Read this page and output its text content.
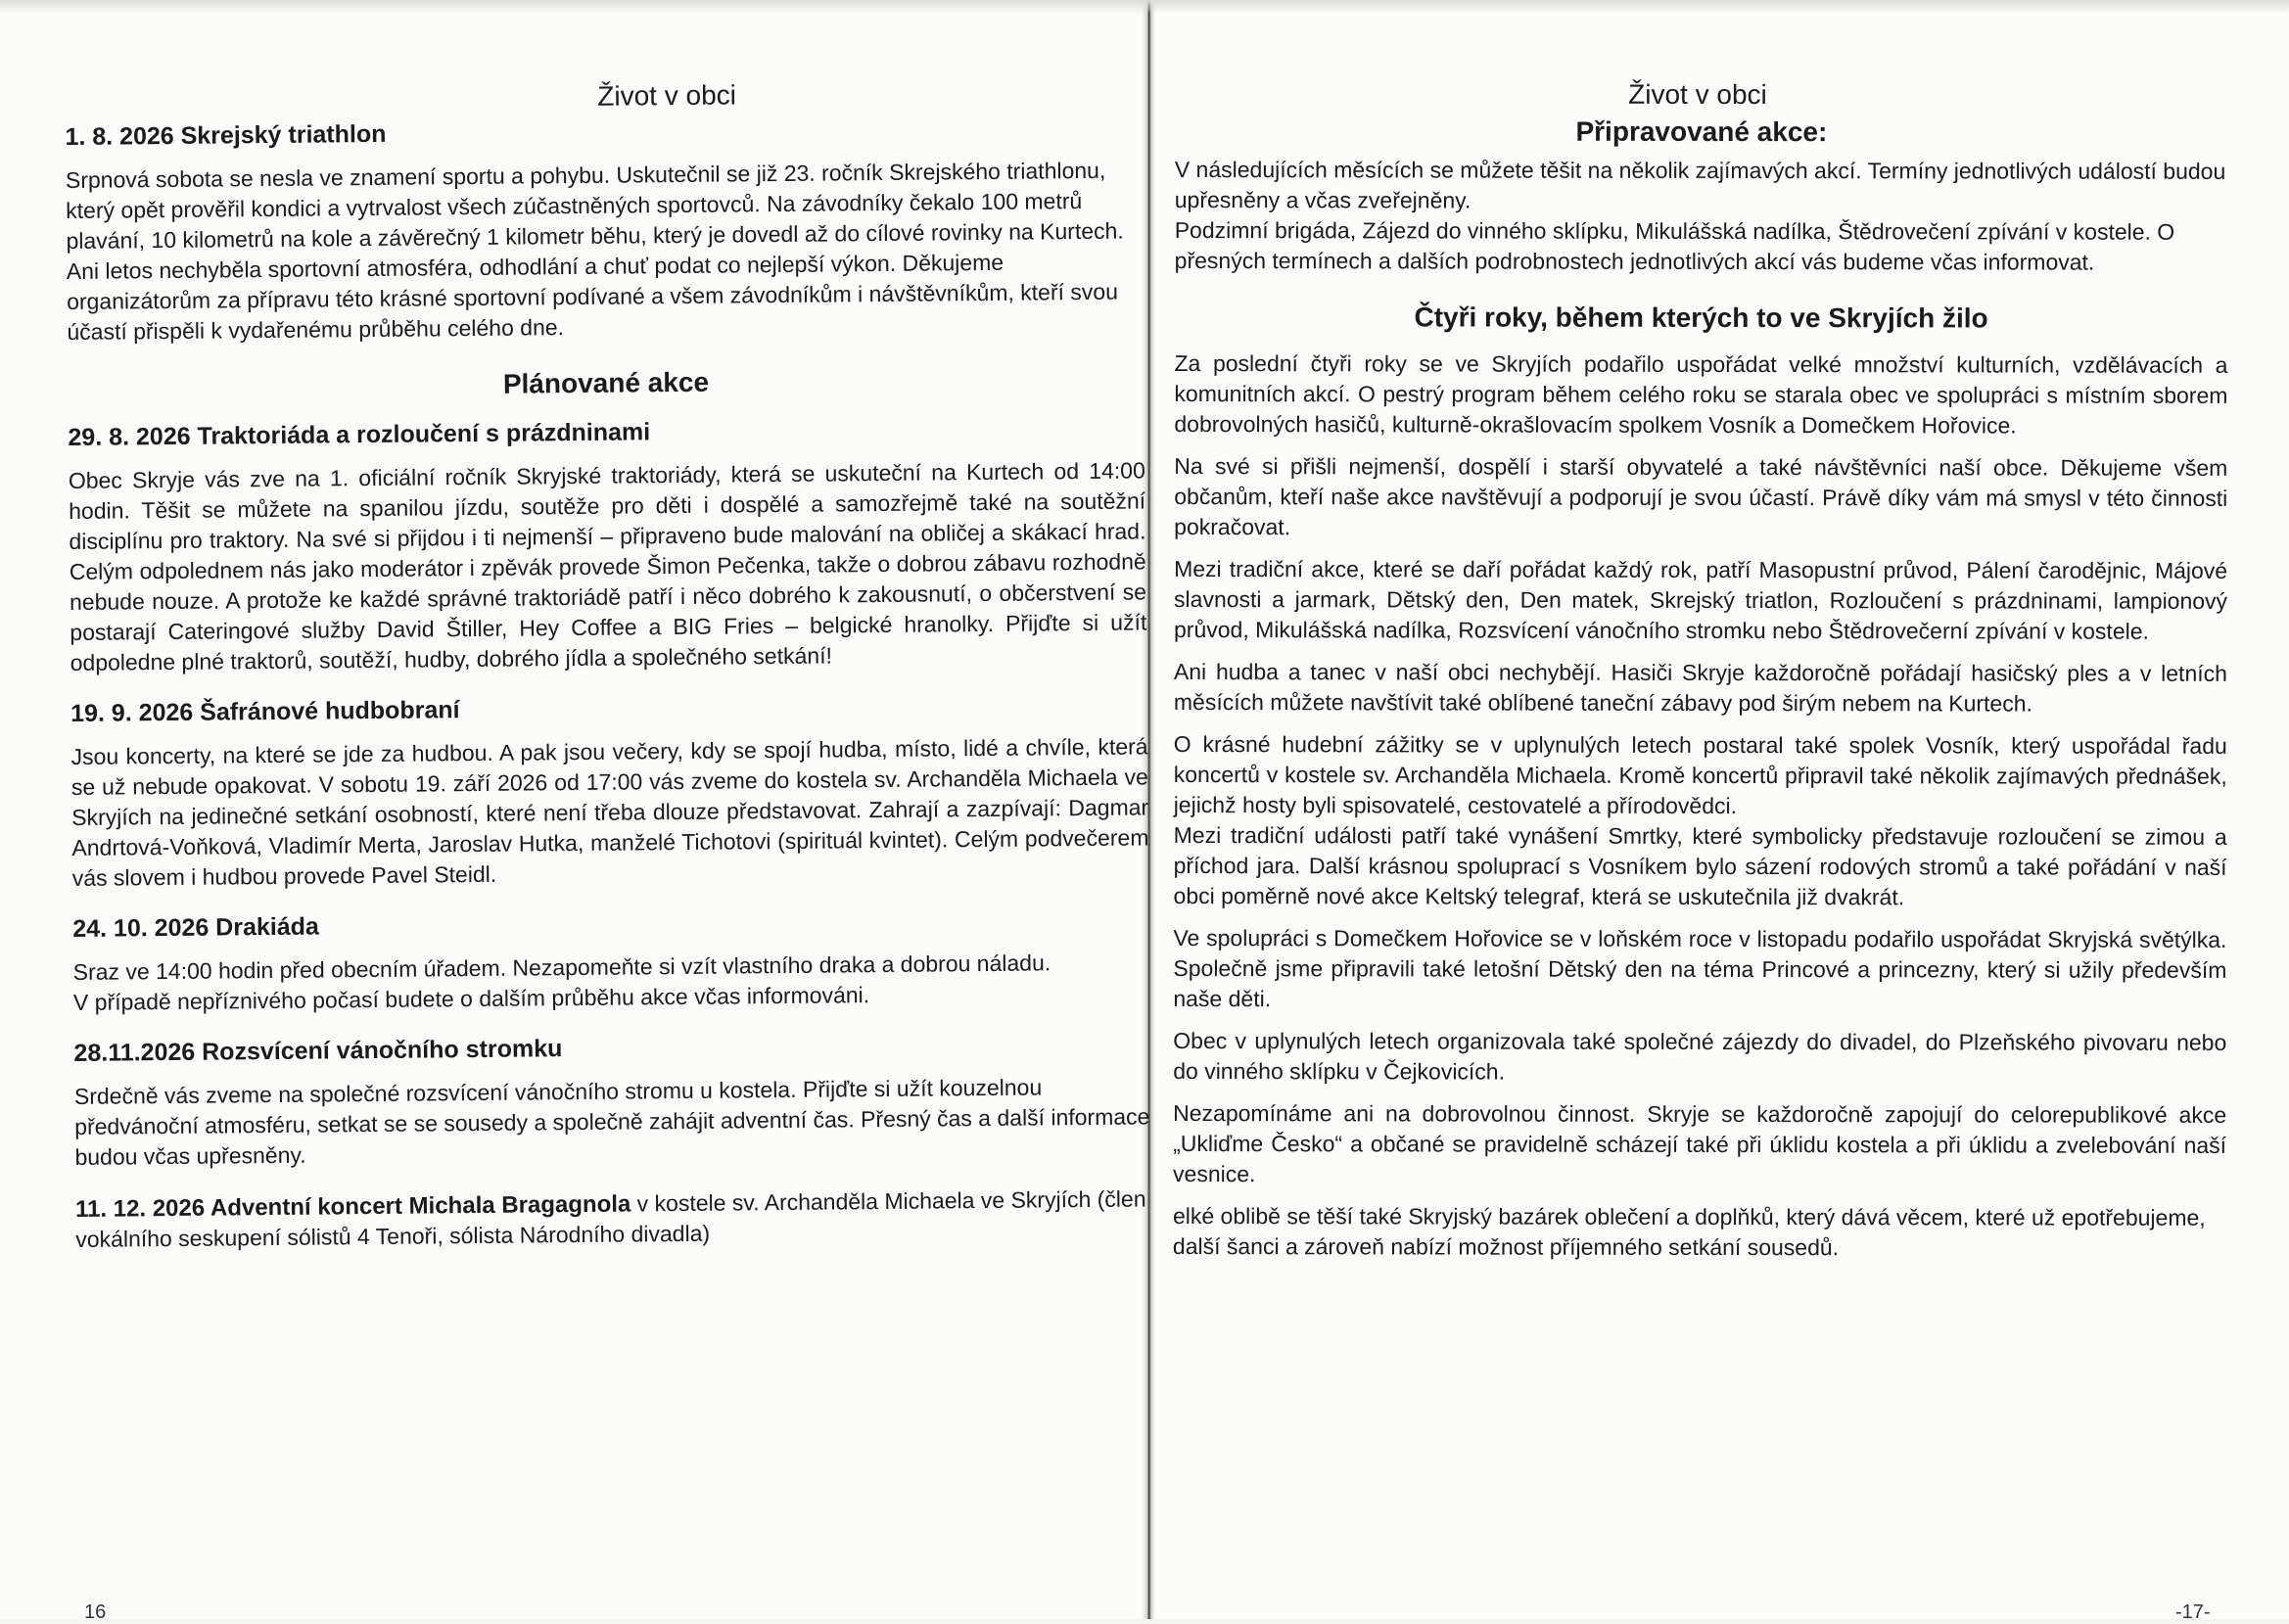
Život v obci
1. 8. 2026 Skrejský triathlon

Srpnová sobota se nesla ve znamení sportu a pohybu. Uskutečnil se již 23. ročník Skrejského triathlonu, který opět prověřil kondici a vytrvalost všech zúčastněných sportovců. Na závodníky čekalo 100 metrů plavání, 10 kilometrů na kole a závěrečný 1 kilometr běhu, který je dovedl až do cílové rovinky na Kurtech. Ani letos nechyběla sportovní atmosféra, odhodlání a chuť podat co nejlepší výkon. Děkujeme organizátorům za přípravu této krásné sportovní podívané a všem závodníkům i návštěvníkům, kteří svou účastí přispěli k vydařenému průběhu celého dne.

Plánované akce
29. 8. 2026 Traktoriáda a rozloučení s prázdninami

Obec Skryje vás zve na 1. oficiální ročník Skryjské traktoriády, která se uskuteční na Kurtech od 14:00 hodin. Těšit se můžete na spanilou jízdu, soutěže pro děti i dospělé a samozřejmě také na soutěžní disciplínu pro traktory. Na své si přijdou i ti nejmenší – připraveno bude malování na obličej a skákací hrad. Celým odpolednem nás jako moderátor i zpěvák provede Šimon Pečenka, takže o dobrou zábavu rozhodně nebude nouze. A protože ke každé správné traktoriádě patří i něco dobrého k zakousnutí, o občerstvení se postarají Cateringové služby David Štiller, Hey Coffee a BIG Fries – belgické hranolky. Přijďte si užít odpoledne plné traktorů, soutěží, hudby, dobrého jídla a společného setkání!

19. 9. 2026 Šafránové hudbobraní

Jsou koncerty, na které se jde za hudbou. A pak jsou večery, kdy se spojí hudba, místo, lidé a chvíle, která se už nebude opakovat. V sobotu 19. září 2026 od 17:00 vás zveme do kostela sv. Archanděla Michaela ve Skryjích na jedinečné setkání osobností, které není třeba dlouze představovat. Zahrají a zazpívají: Dagmar Andrtová-Voňková, Vladimír Merta, Jaroslav Hutka, manželé Tichotovi (spirituál kvintet). Celým podvečerem vás slovem i hudbou provede Pavel Steidl.

24. 10. 2026 Drakiáda

Sraz ve 14:00 hodin před obecním úřadem. Nezapomeňte si vzít vlastního draka a dobrou náladu.

V případě nepříznivého počasí budete o dalším průběhu akce včas informováni.

28.11.2026 Rozsvícení vánočního stromku

Srdečně vás zveme na společné rozsvícení vánočního stromu u kostela. Přijďte si užít kouzelnou předvánoční atmosféru, setkat se se sousedy a společně zahájit adventní čas. Přesný čas a další informace budou včas upřesněny.

11. 12. 2026 Adventní koncert Michala Bragagnola v kostele sv. Archanděla Michaela ve Skryjích (člen vokálního seskupení sólistů 4 Tenoři, sólista Národního divadla)

16
Život v obci
Připravované akce:

V následujících měsících se můžete těšit na několik zajímavých akcí. Termíny jednotlivých událostí budou upřesněny a včas zveřejněny.

Podzimní brigáda, Zájezd do vinného sklípku, Mikulášská nadílka, Štědrovečení zpívání v kostele. O přesných termínech a dalších podrobnostech jednotlivých akcí vás budeme včas informovat.

Čtyři roky, během kterých to ve Skryjích žilo

Za poslední čtyři roky se ve Skryjích podařilo uspořádat velké množství kulturních, vzdělávacích a komunitních akcí. O pestrý program během celého roku se starala obec ve spolupráci s místním sborem dobrovolných hasičů, kulturně-okrašlovacím spolkem Vosník a Domečkem Hořovice.

Na své si přišli nejmenší, dospělí i starší obyvatelé a také návštěvníci naší obce. Děkujeme všem občanům, kteří naše akce navštěvují a podporují je svou účastí. Právě díky vám má smysl v této činnosti pokračovat.

Mezi tradiční akce, které se daří pořádat každý rok, patří Masopustní průvod, Pálení čarodějnic, Májové slavnosti a jarmark, Dětský den, Den matek, Skrejský triatlon, Rozloučení s prázdninami, lampionový průvod, Mikulášská nadílka, Rozsvícení vánočního stromku nebo Štědrovečerní zpívání v kostele.

Ani hudba a tanec v naší obci nechybějí. Hasiči Skryje každoročně pořádají hasičský ples a v letních měsících můžete navštívit také oblíbené taneční zábavy pod širým nebem na Kurtech.

O krásné hudební zážitky se v uplynulých letech postaral také spolek Vosník, který uspořádal řadu koncertů v kostele sv. Archanděla Michaela. Kromě koncertů připravil také několik zajímavých přednášek, jejichž hosty byli spisovatelé, cestovatelé a přírodovědci.

Mezi tradiční události patří také vynášení Smrtky, které symbolicky představuje rozloučení se zimou a příchod jara. Další krásnou spoluprací s Vosníkem bylo sázení rodových stromů a také pořádání v naší obci poměrně nové akce Keltský telegraf, která se uskutečnila již dvakrát.

Ve spolupráci s Domečkem Hořovice se v loňském roce v listopadu podařilo uspořádat Skryjská světýlka. Společně jsme připravili také letošní Dětský den na téma Princové a princezny, který si užily především naše děti.

Obec v uplynulých letech organizovala také společné zájezdy do divadel, do Plzeňského pivovaru nebo do vinného sklípku v Čejkovicích.

Nezapomínáme ani na dobrovolnou činnost. Skryje se každoročně zapojují do celorepublikové akce „Ukliďme Česko“ a občané se pravidelně scházejí také při úklidu kostela a při úklidu a zvelebování naší vesnice.

elké oblibě se těší také Skryjský bazárek oblečení a doplňků, který dává věcem, které už epotřebujeme, další šanci a zároveň nabízí možnost příjemného setkání sousedů.

-17-
